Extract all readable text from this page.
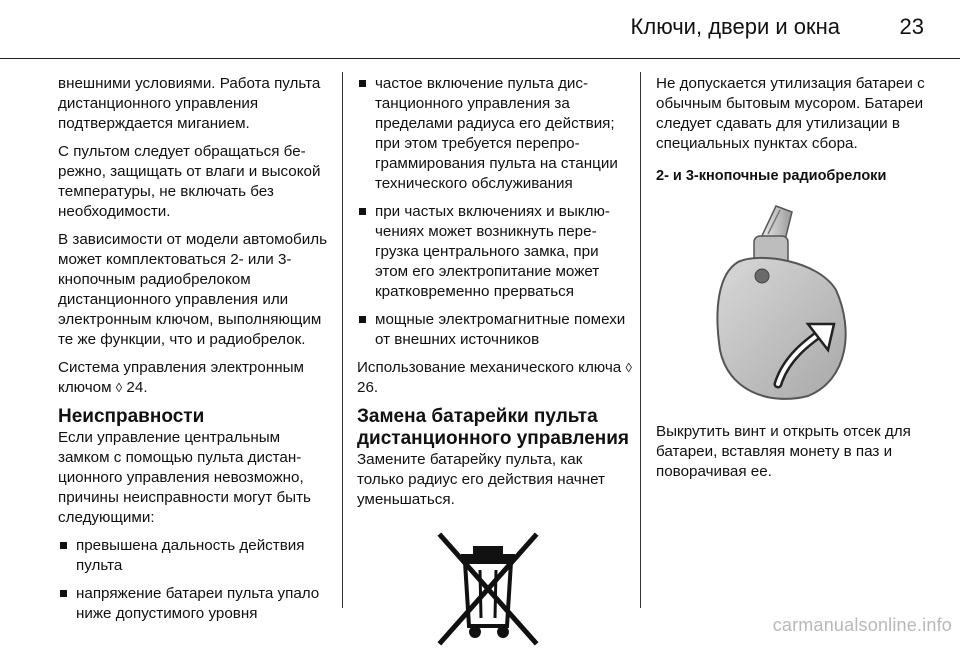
Ключи, двери и окна	23

внешними условиями. Работа пульта дистанционного управления подтверждается миганием.

С пультом следует обращаться бережно, защищать от влаги и высокой температуры, не включать без необходимости.

В зависимости от модели автомобиль может комплектоваться 2- или 3-кнопочным радиобрелоком дистанционного управления или электронным ключом, выполняющим те же функции, что и радиобрелок.

Система управления электронным ключом ◊ 24.

Неисправности

Если управление центральным замком с помощью пульта дистанционного управления невозможно, причины неисправности могут быть следующими:

превышена дальность действия пульта
напряжение батареи пульта упало ниже допустимого уровня
частое включение пульта дистанционного управления за пределами радиуса его действия; при этом требуется перепрограммирования пульта на станции технического обслуживания
при частых включениях и выключениях может возникнуть перегрузка центрального замка, при этом его электропитание может кратковременно прерваться
мощные электромагнитные помехи от внешних источников

Использование механического ключа ◊ 26.

Замена батарейки пульта дистанционного управления

Замените батарейку пульта, как только радиус его действия начнет уменьшаться.

Не допускается утилизация батареи с обычным бытовым мусором. Батареи следует сдавать для утилизации в специальных пунктах сбора.

2- и 3-кнопочные радиобрелоки

Выкрутить винт и открыть отсек для батареи, вставляя монету в паз и поворачивая ее.

carmanualsonline.info
